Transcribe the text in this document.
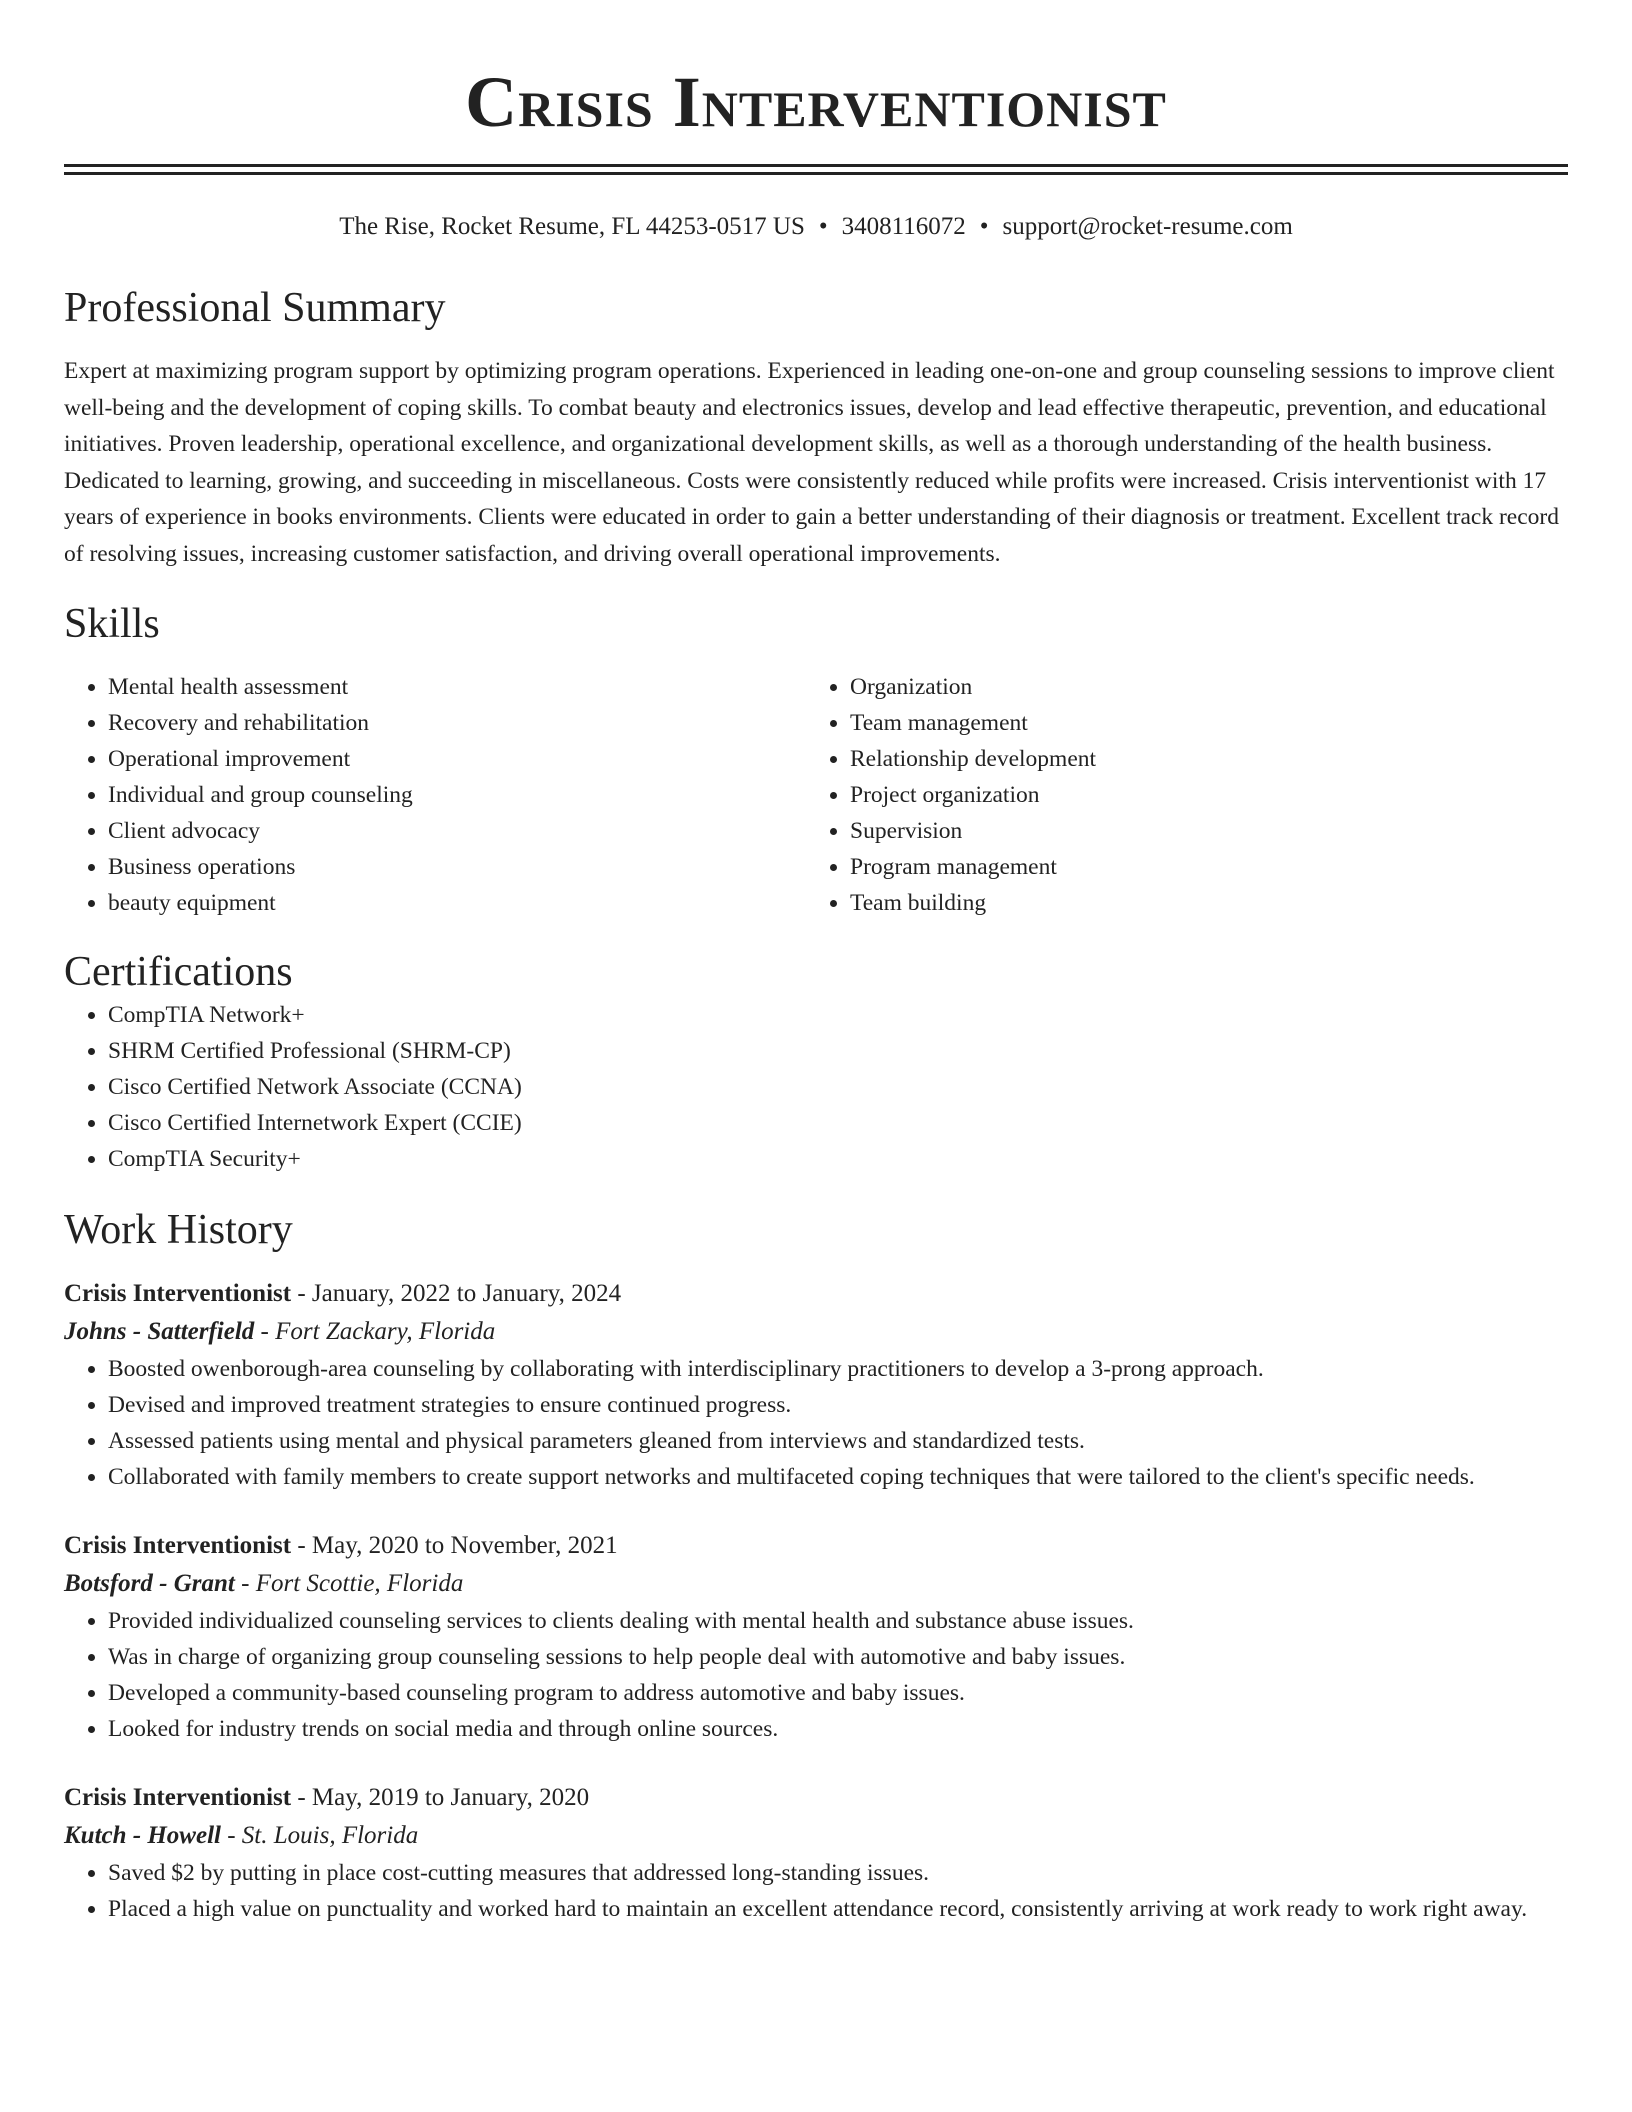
Crisis Interventionist
The Rise, Rocket Resume, FL 44253-0517 US • 3408116072 • support@rocket-resume.com
Professional Summary

Expert at maximizing program support by optimizing program operations. Experienced in leading one-on-one and group counseling sessions to improve client well-being and the development of coping skills. To combat beauty and electronics issues, develop and lead effective therapeutic, prevention, and educational initiatives. Proven leadership, operational excellence, and organizational development skills, as well as a thorough understanding of the health business. Dedicated to learning, growing, and succeeding in miscellaneous. Costs were consistently reduced while profits were increased. Crisis interventionist with 17 years of experience in books environments. Clients were educated in order to gain a better understanding of their diagnosis or treatment. Excellent track record of resolving issues, increasing customer satisfaction, and driving overall operational improvements.

Skills
• Mental health assessment
• Recovery and rehabilitation
• Operational improvement
• Individual and group counseling
• Client advocacy
• Business operations
• beauty equipment
• Organization
• Team management
• Relationship development
• Project organization
• Supervision
• Program management
• Team building
Certifications
• CompTIA Network+
• SHRM Certified Professional (SHRM-CP)
• Cisco Certified Network Associate (CCNA)
• Cisco Certified Internetwork Expert (CCIE)
• CompTIA Security+
Work History
Crisis Interventionist - January, 2022 to January, 2024
Johns - Satterfield - Fort Zackary, Florida
• Boosted owenborough-area counseling by collaborating with interdisciplinary practitioners to develop a 3-prong approach.
• Devised and improved treatment strategies to ensure continued progress.
• Assessed patients using mental and physical parameters gleaned from interviews and standardized tests.
• Collaborated with family members to create support networks and multifaceted coping techniques that were tailored to the client's specific needs.
Crisis Interventionist - May, 2020 to November, 2021
Botsford - Grant - Fort Scottie, Florida
• Provided individualized counseling services to clients dealing with mental health and substance abuse issues.
• Was in charge of organizing group counseling sessions to help people deal with automotive and baby issues.
• Developed a community-based counseling program to address automotive and baby issues.
• Looked for industry trends on social media and through online sources.
Crisis Interventionist - May, 2019 to January, 2020
Kutch - Howell - St. Louis, Florida
• Saved $2 by putting in place cost-cutting measures that addressed long-standing issues.
• Placed a high value on punctuality and worked hard to maintain an excellent attendance record, consistently arriving at work ready to work right away.
